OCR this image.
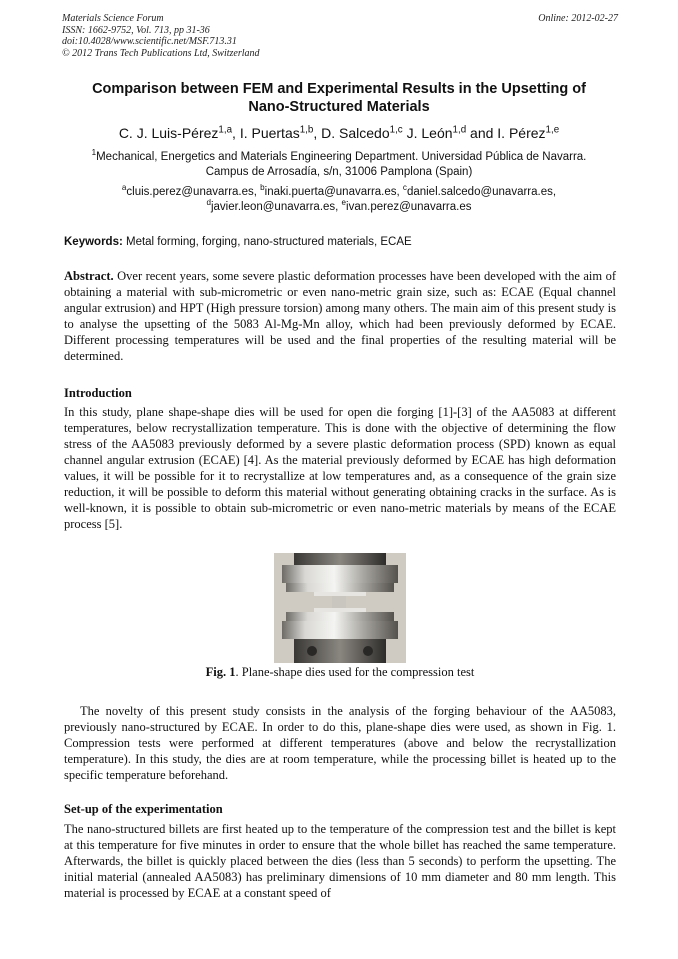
Materials Science Forum
ISSN: 1662-9752, Vol. 713, pp 31-36
doi:10.4028/www.scientific.net/MSF.713.31
© 2012 Trans Tech Publications Ltd, Switzerland
Online: 2012-02-27
Comparison between FEM and Experimental Results in the Upsetting of
Nano-Structured Materials
C. J. Luis-Pérez$^{1,a}$, I. Puertas$^{1,b}$, D. Salcedo$^{1,c}$ J. León$^{1,d}$ and I. Pérez$^{1,e}$
$^1$Mechanical, Energetics and Materials Engineering Department. Universidad Pública de Navarra.
Campus de Arrosadía, s/n, 31006 Pamplona (Spain)
$^a$cluis.perez@unavarra.es, $^b$inaki.puerta@unavarra.es, $^c$daniel.salcedo@unavarra.es,
$^d$javier.leon@unavarra.es, $^e$ivan.perez@unavarra.es
Keywords: Metal forming, forging, nano-structured materials, ECAE
Abstract. Over recent years, some severe plastic deformation processes have been developed with the aim of obtaining a material with sub-micrometric or even nano-metric grain size, such as: ECAE (Equal channel angular extrusion) and HPT (High pressure torsion) among many others. The main aim of this present study is to analyse the upsetting of the 5083 Al-Mg-Mn alloy, which had been previously deformed by ECAE. Different processing temperatures will be used and the final properties of the resulting material will be determined.
Introduction
In this study, plane shape-shape dies will be used for open die forging [1]-[3] of the AA5083 at different temperatures, below recrystallization temperature. This is done with the objective of determining the flow stress of the AA5083 previously deformed by a severe plastic deformation process (SPD) known as equal channel angular extrusion (ECAE) [4]. As the material previously deformed by ECAE has high deformation values, it will be possible for it to recrystallize at low temperatures and, as a consequence of the grain size reduction, it will be possible to deform this material without generating obtaining cracks in the surface. As is well-known, it is possible to obtain sub-micrometric or even nano-metric materials by means of the ECAE process [5].
Fig. 1. Plane-shape dies used for the compression test
The novelty of this present study consists in the analysis of the forging behaviour of the AA5083, previously nano-structured by ECAE. In order to do this, plane-shape dies were used, as shown in Fig. 1. Compression tests were performed at different temperatures (above and below the recrystallization temperature). In this study, the dies are at room temperature, while the processing billet is heated up to the specific temperature beforehand.
Set-up of the experimentation
The nano-structured billets are first heated up to the temperature of the compression test and the billet is kept at this temperature for five minutes in order to ensure that the whole billet has reached the same temperature. Afterwards, the billet is quickly placed between the dies (less than 5 seconds) to perform the upsetting. The initial material (annealed AA5083) has preliminary dimensions of 10 mm diameter and 80 mm length. This material is processed by ECAE at a constant speed of
